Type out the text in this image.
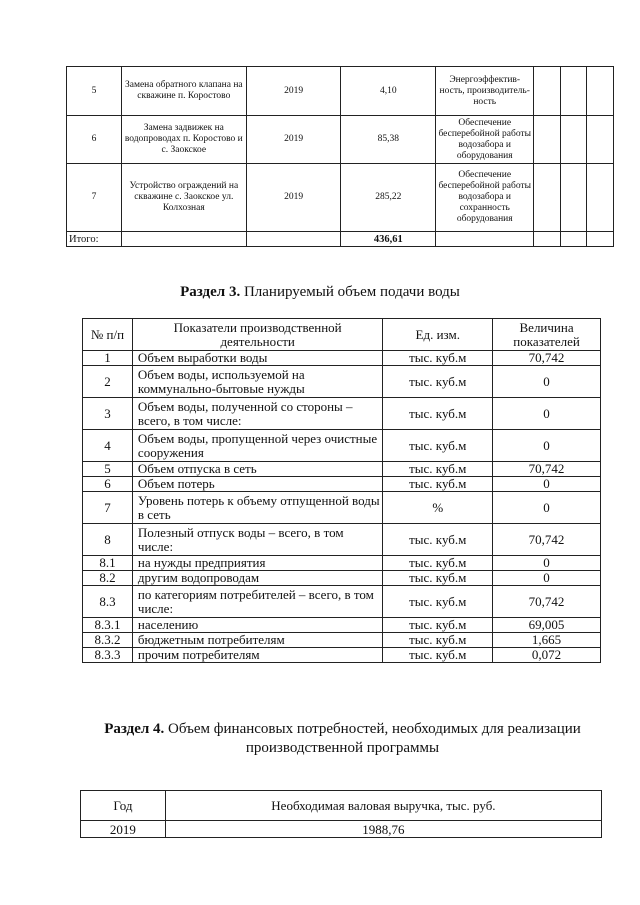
5	Замена обратного клапана на скважине п. Коростово	2019	4,10	Энергоэффектив-ность, производитель-ность			
6	Замена задвижек на водопроводах п. Коростово и с. Заокское	2019	85,38	Обеспечение бесперебойной работы водозабора и оборудования			
7	Устройство ограждений на скважине с. Заокское ул. Колхозная	2019	285,22	Обеспечение бесперебойной работы водозабора и сохранность оборудования			
Итого:			436,61				
Раздел 3. Планируемый объем подачи воды
№ п/п	Показатели производственной деятельности	Ед. изм.	Величина показателей
1	Объем выработки воды	тыс. куб.м	70,742
2	Объем воды, используемой на коммунально-бытовые нужды	тыс. куб.м	0
3	Объем воды, полученной со стороны – всего, в том числе:	тыс. куб.м	0
4	Объем воды, пропущенной через очистные сооружения	тыс. куб.м	0
5	Объем отпуска в сеть	тыс. куб.м	70,742
6	Объем потерь	тыс. куб.м	0
7	Уровень потерь к объему отпущенной воды в сеть	%	0
8	Полезный отпуск воды – всего, в том числе:	тыс. куб.м	70,742
8.1	на нужды предприятия	тыс. куб.м	0
8.2	другим водопроводам	тыс. куб.м	0
8.3	по категориям потребителей – всего, в том числе:	тыс. куб.м	70,742
8.3.1	населению	тыс. куб.м	69,005
8.3.2	бюджетным потребителям	тыс. куб.м	1,665
8.3.3	прочим потребителям	тыс. куб.м	0,072
Раздел 4. Объем финансовых потребностей, необходимых для реализации производственной программы
Год	Необходимая валовая выручка, тыс. руб.
2019	1988,76
